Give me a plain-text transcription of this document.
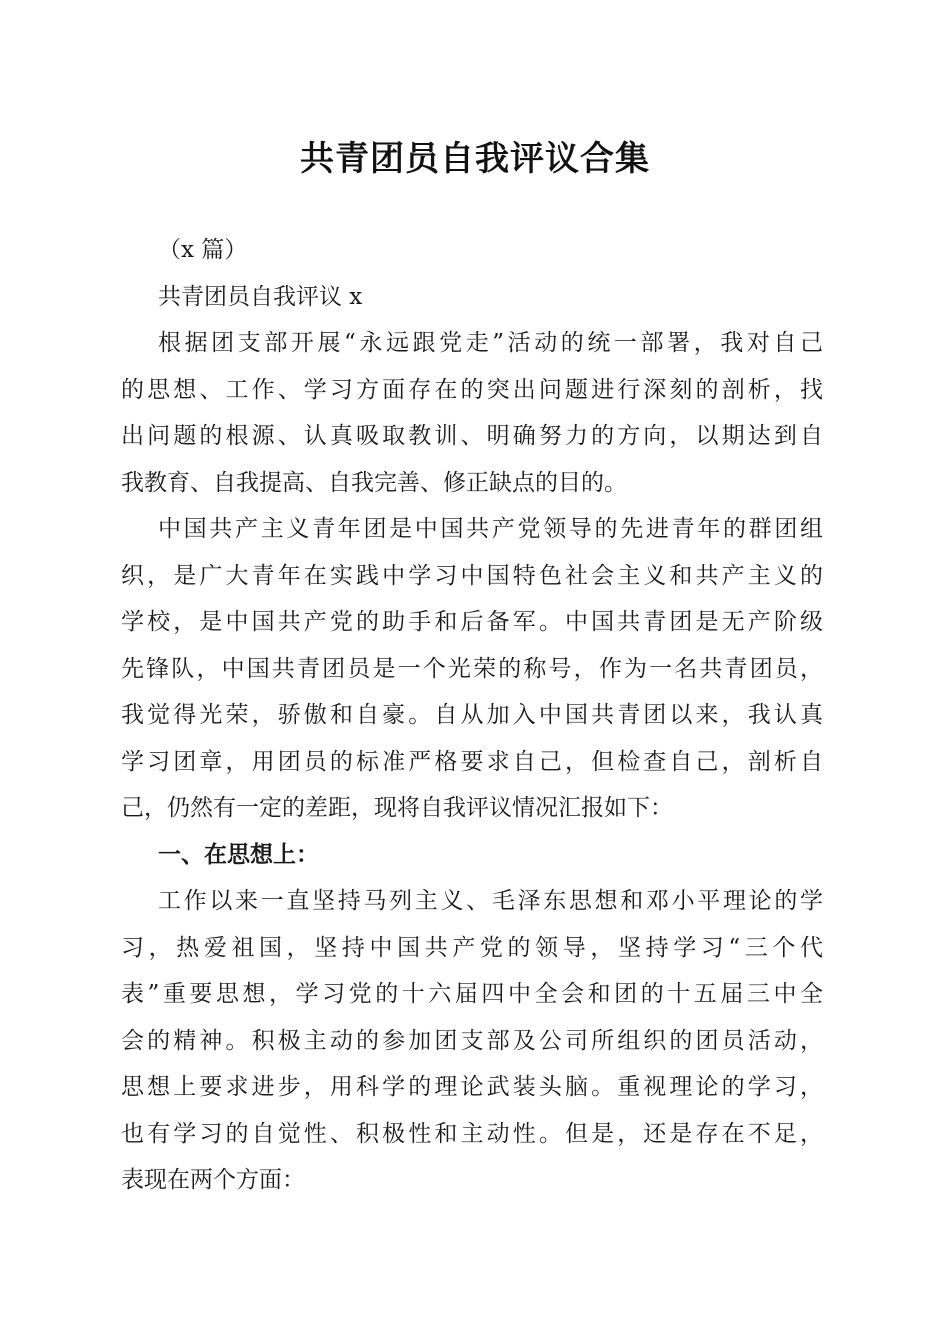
共青团员自我评议合集
（x 篇）
共青团员自我评议 x
根据团支部开展“永远跟党走”活动的统一部署，我对自己
的思想、工作、学习方面存在的突出问题进行深刻的剖析，找
出问题的根源、认真吸取教训、明确努力的方向，以期达到自
我教育、自我提高、自我完善、修正缺点的目的。
中国共产主义青年团是中国共产党领导的先进青年的群团组
织，是广大青年在实践中学习中国特色社会主义和共产主义的
学校，是中国共产党的助手和后备军。中国共青团是无产阶级
先锋队，中国共青团员是一个光荣的称号，作为一名共青团员，
我觉得光荣，骄傲和自豪。自从加入中国共青团以来，我认真
学习团章，用团员的标准严格要求自己，但检查自己，剖析自
己，仍然有一定的差距，现将自我评议情况汇报如下：
一、在思想上：
工作以来一直坚持马列主义、毛泽东思想和邓小平理论的学
习，热爱祖国，坚持中国共产党的领导，坚持学习“三个代
表”重要思想，学习党的十六届四中全会和团的十五届三中全
会的精神。积极主动的参加团支部及公司所组织的团员活动，
思想上要求进步，用科学的理论武装头脑。重视理论的学习，
也有学习的自觉性、积极性和主动性。但是，还是存在不足，
表现在两个方面：
